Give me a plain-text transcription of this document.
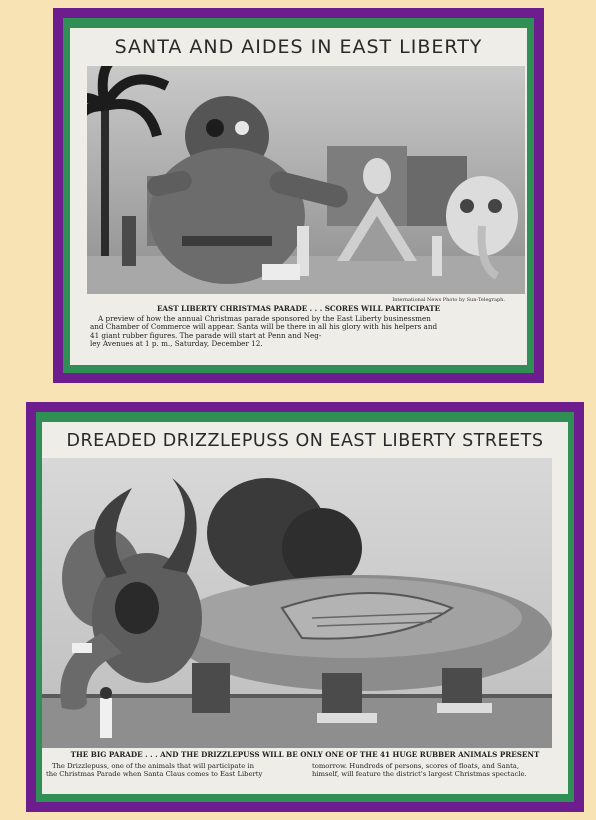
SANTA AND AIDES IN EAST LIBERTY
International News Photo by Sun-Telegraph.
EAST LIBERTY CHRISTMAS PARADE . . . SCORES WILL PARTICIPATE
A preview of how the annual Christmas parade sponsored by the East Liberty businessmen
and Chamber of Commerce will appear. Santa will be there in all his glory with his helpers and
41 giant rubber figures. The parade will start at Penn and Neg-
ley Avenues at 1 p. m., Saturday, December 12.
DREADED DRIZZLEPUSS ON EAST LIBERTY STREETS
THE BIG PARADE . . . AND THE DRIZZLEPUSS WILL BE ONLY ONE OF THE 41 HUGE RUBBER ANIMALS PRESENT
The Drizzlepuss, one of the animals that will participate in
the Christmas Parade when Santa Claus comes to East Liberty
tomorrow. Hundreds of persons, scores of floats, and Santa,
himself, will feature the district's largest Christmas spectacle.
